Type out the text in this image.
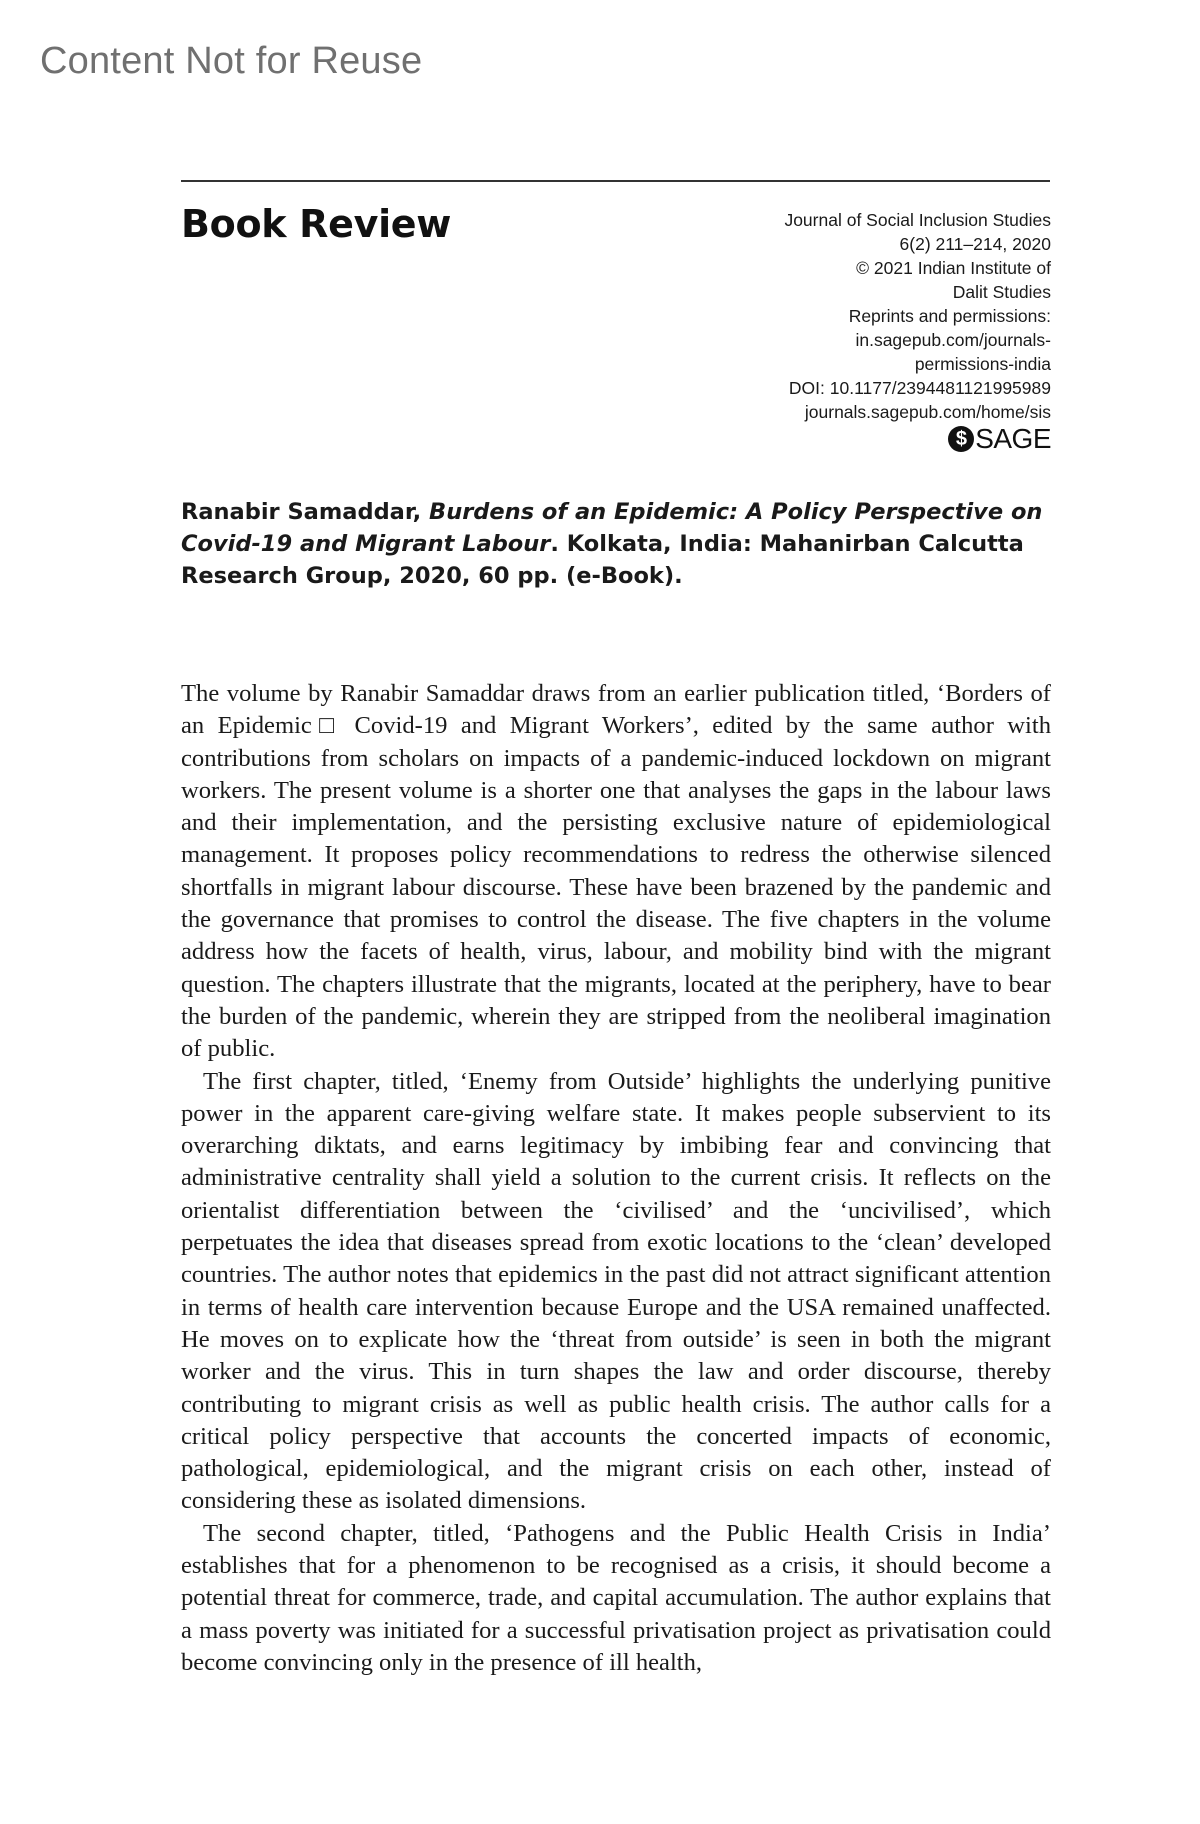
Content Not for Reuse
Book Review	Journal of Social Inclusion Studies
6(2) 211–214, 2020
© 2021 Indian Institute of
Dalit Studies
Reprints and permissions:
in.sagepub.com/journals-
permissions-india
DOI: 10.1177/2394481121995989
journals.sagepub.com/home/sis
$ SAGE
Ranabir Samaddar, Burdens of an Epidemic: A Policy Perspective on Covid-19 and Migrant Labour. Kolkata, India: Mahanirban Calcutta Research Group, 2020, 60 pp. (e-Book).

The volume by Ranabir Samaddar draws from an earlier publication titled, ‘Borders of an Epidemic□ Covid-19 and Migrant Workers’, edited by the same author with contributions from scholars on impacts of a pandemic-induced lockdown on migrant workers. The present volume is a shorter one that analyses the gaps in the labour laws and their implementation, and the persisting exclusive nature of epidemiological management. It proposes policy recommendations to redress the otherwise silenced shortfalls in migrant labour discourse. These have been brazened by the pandemic and the governance that promises to control the disease. The five chapters in the volume address how the facets of health, virus, labour, and mobility bind with the migrant question. The chapters illustrate that the migrants, located at the periphery, have to bear the burden of the pandemic, wherein they are stripped from the neoliberal imagination of public.

The first chapter, titled, ‘Enemy from Outside’ highlights the underlying punitive power in the apparent care-giving welfare state. It makes people subservient to its overarching diktats, and earns legitimacy by imbibing fear and convincing that administrative centrality shall yield a solution to the current crisis. It reflects on the orientalist differentiation between the ‘civilised’ and the ‘uncivilised’, which perpetuates the idea that diseases spread from exotic locations to the ‘clean’ developed countries. The author notes that epidemics in the past did not attract significant attention in terms of health care intervention because Europe and the USA remained unaffected. He moves on to explicate how the ‘threat from outside’ is seen in both the migrant worker and the virus. This in turn shapes the law and order discourse, thereby contributing to migrant crisis as well as public health crisis. The author calls for a critical policy perspective that accounts the concerted impacts of economic, pathological, epidemiological, and the migrant crisis on each other, instead of considering these as isolated dimensions.

The second chapter, titled, ‘Pathogens and the Public Health Crisis in India’ establishes that for a phenomenon to be recognised as a crisis, it should become a potential threat for commerce, trade, and capital accumulation. The author explains that a mass poverty was initiated for a successful privatisation project as privatisation could become convincing only in the presence of ill health,
